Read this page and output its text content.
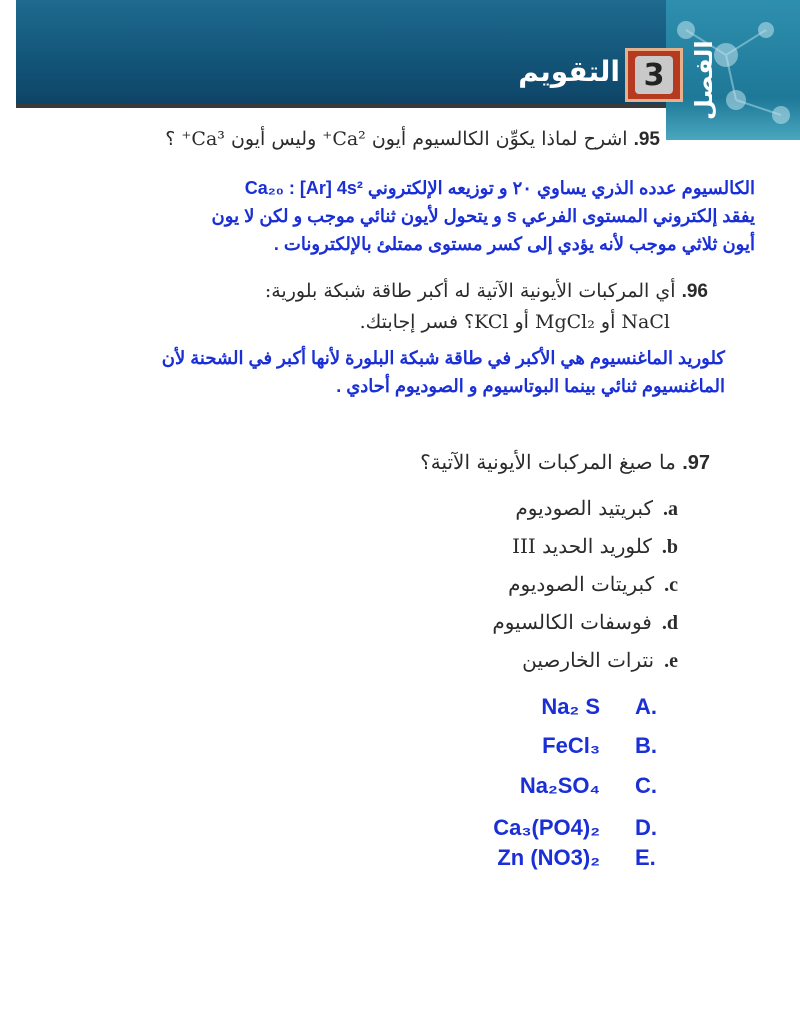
التقويم 3	الفصل
95. اشرح لماذا يكوِّن الكالسيوم أيون Ca²⁺ وليس أيون Ca³⁺ ؟
الكالسيوم عدده الذري يساوي ٢٠ و توزيعه الإلكتروني Ca₂₀ : [Ar] 4s²
يفقد إلكتروني المستوى الفرعي s و يتحول لأيون ثنائي موجب و لكن لا يون
أيون ثلاثي موجب لأنه يؤدي إلى كسر مستوى ممتلئ بالإلكترونات .
96. أي المركبات الأيونية الآتية له أكبر طاقة شبكة بلورية:
NaCl أو MgCl₂ أو KCl؟ فسر إجابتك.
كلوريد الماغنسيوم هي الأكبر في طاقة شبكة البلورة لأنها أكبر في الشحنة لأن
الماغنسيوم ثنائي بينما البوتاسيوم و الصوديوم أحادي .
97. ما صيغ المركبات الأيونية الآتية؟
a.كبريتيد الصوديوم
b.كلوريد الحديد III
c.كبريتات الصوديوم
d.فوسفات الكالسيوم
e.نترات الخارصين
Na₂ S A.
FeCl₃ B.
Na₂SO₄ C.
Ca₃(PO4)₂ D.
Zn (NO3)₂ E.
